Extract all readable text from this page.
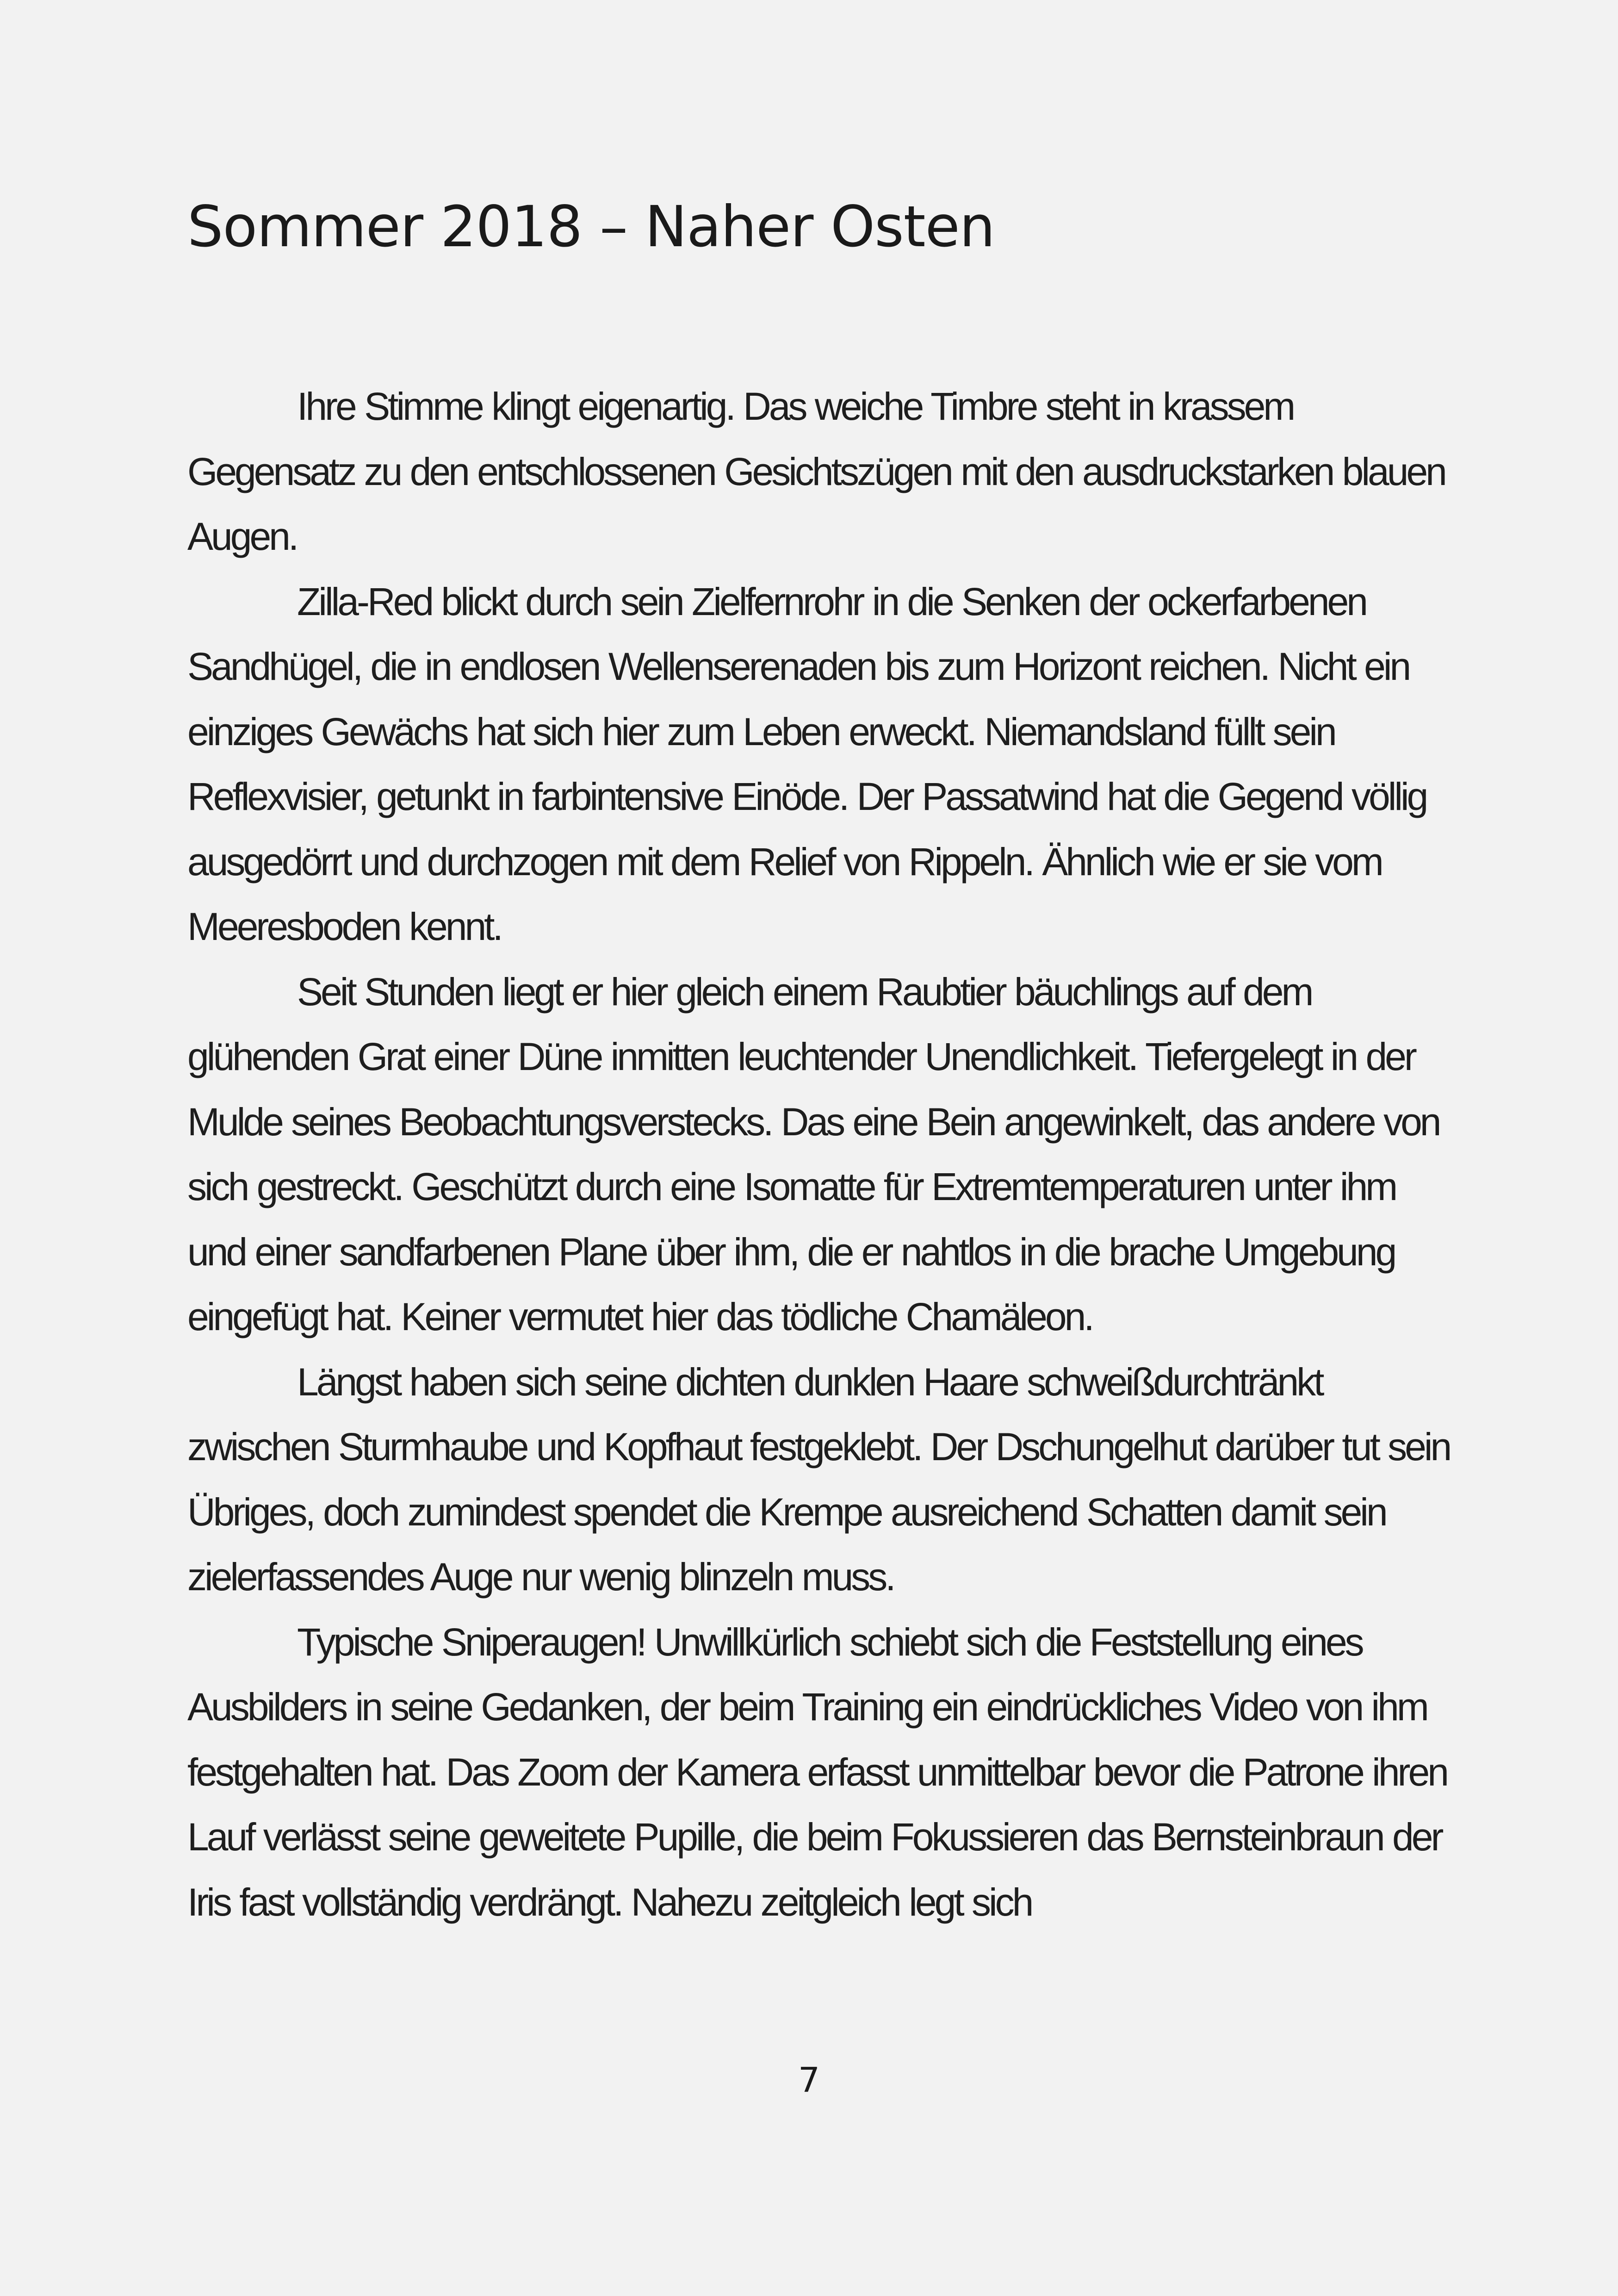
Sommer 2018 – Naher Osten

Ihre Stimme klingt eigenartig. Das weiche Timbre steht in krassem Gegensatz zu den entschlossenen Gesichtszügen mit den ausdruckstarken blauen Augen.

Zilla-Red blickt durch sein Zielfernrohr in die Senken der ockerfarbenen Sandhügel, die in endlosen Wellenserenaden bis zum Horizont reichen. Nicht ein einziges Gewächs hat sich hier zum Leben erweckt. Niemandsland füllt sein Reflexvisier, getunkt in farbintensive Einöde. Der Passatwind hat die Gegend völlig ausgedörrt und durchzogen mit dem Relief von Rippeln. Ähnlich wie er sie vom Meeresboden kennt.

Seit Stunden liegt er hier gleich einem Raubtier bäuchlings auf dem glühenden Grat einer Düne inmitten leuchtender Unendlichkeit. Tiefergelegt in der Mulde seines Beobachtungsverstecks. Das eine Bein angewinkelt, das andere von sich gestreckt. Geschützt durch eine Isomatte für Extremtemperaturen unter ihm und einer sandfarbenen Plane über ihm, die er nahtlos in die brache Umgebung eingefügt hat. Keiner vermutet hier das tödliche Chamäleon.

Längst haben sich seine dichten dunklen Haare schweißdurchtränkt zwischen Sturmhaube und Kopfhaut festgeklebt. Der Dschungelhut darüber tut sein Übriges, doch zumindest spendet die Krempe ausreichend Schatten damit sein zielerfassendes Auge nur wenig blinzeln muss.

Typische Sniperaugen! Unwillkürlich schiebt sich die Feststellung eines Ausbilders in seine Gedanken, der beim Training ein eindrückliches Video von ihm festgehalten hat. Das Zoom der Kamera erfasst unmittelbar bevor die Patrone ihren Lauf verlässt seine geweitete Pupille, die beim Fokussieren das Bernsteinbraun der Iris fast vollständig verdrängt. Nahezu zeitgleich legt sich

7
